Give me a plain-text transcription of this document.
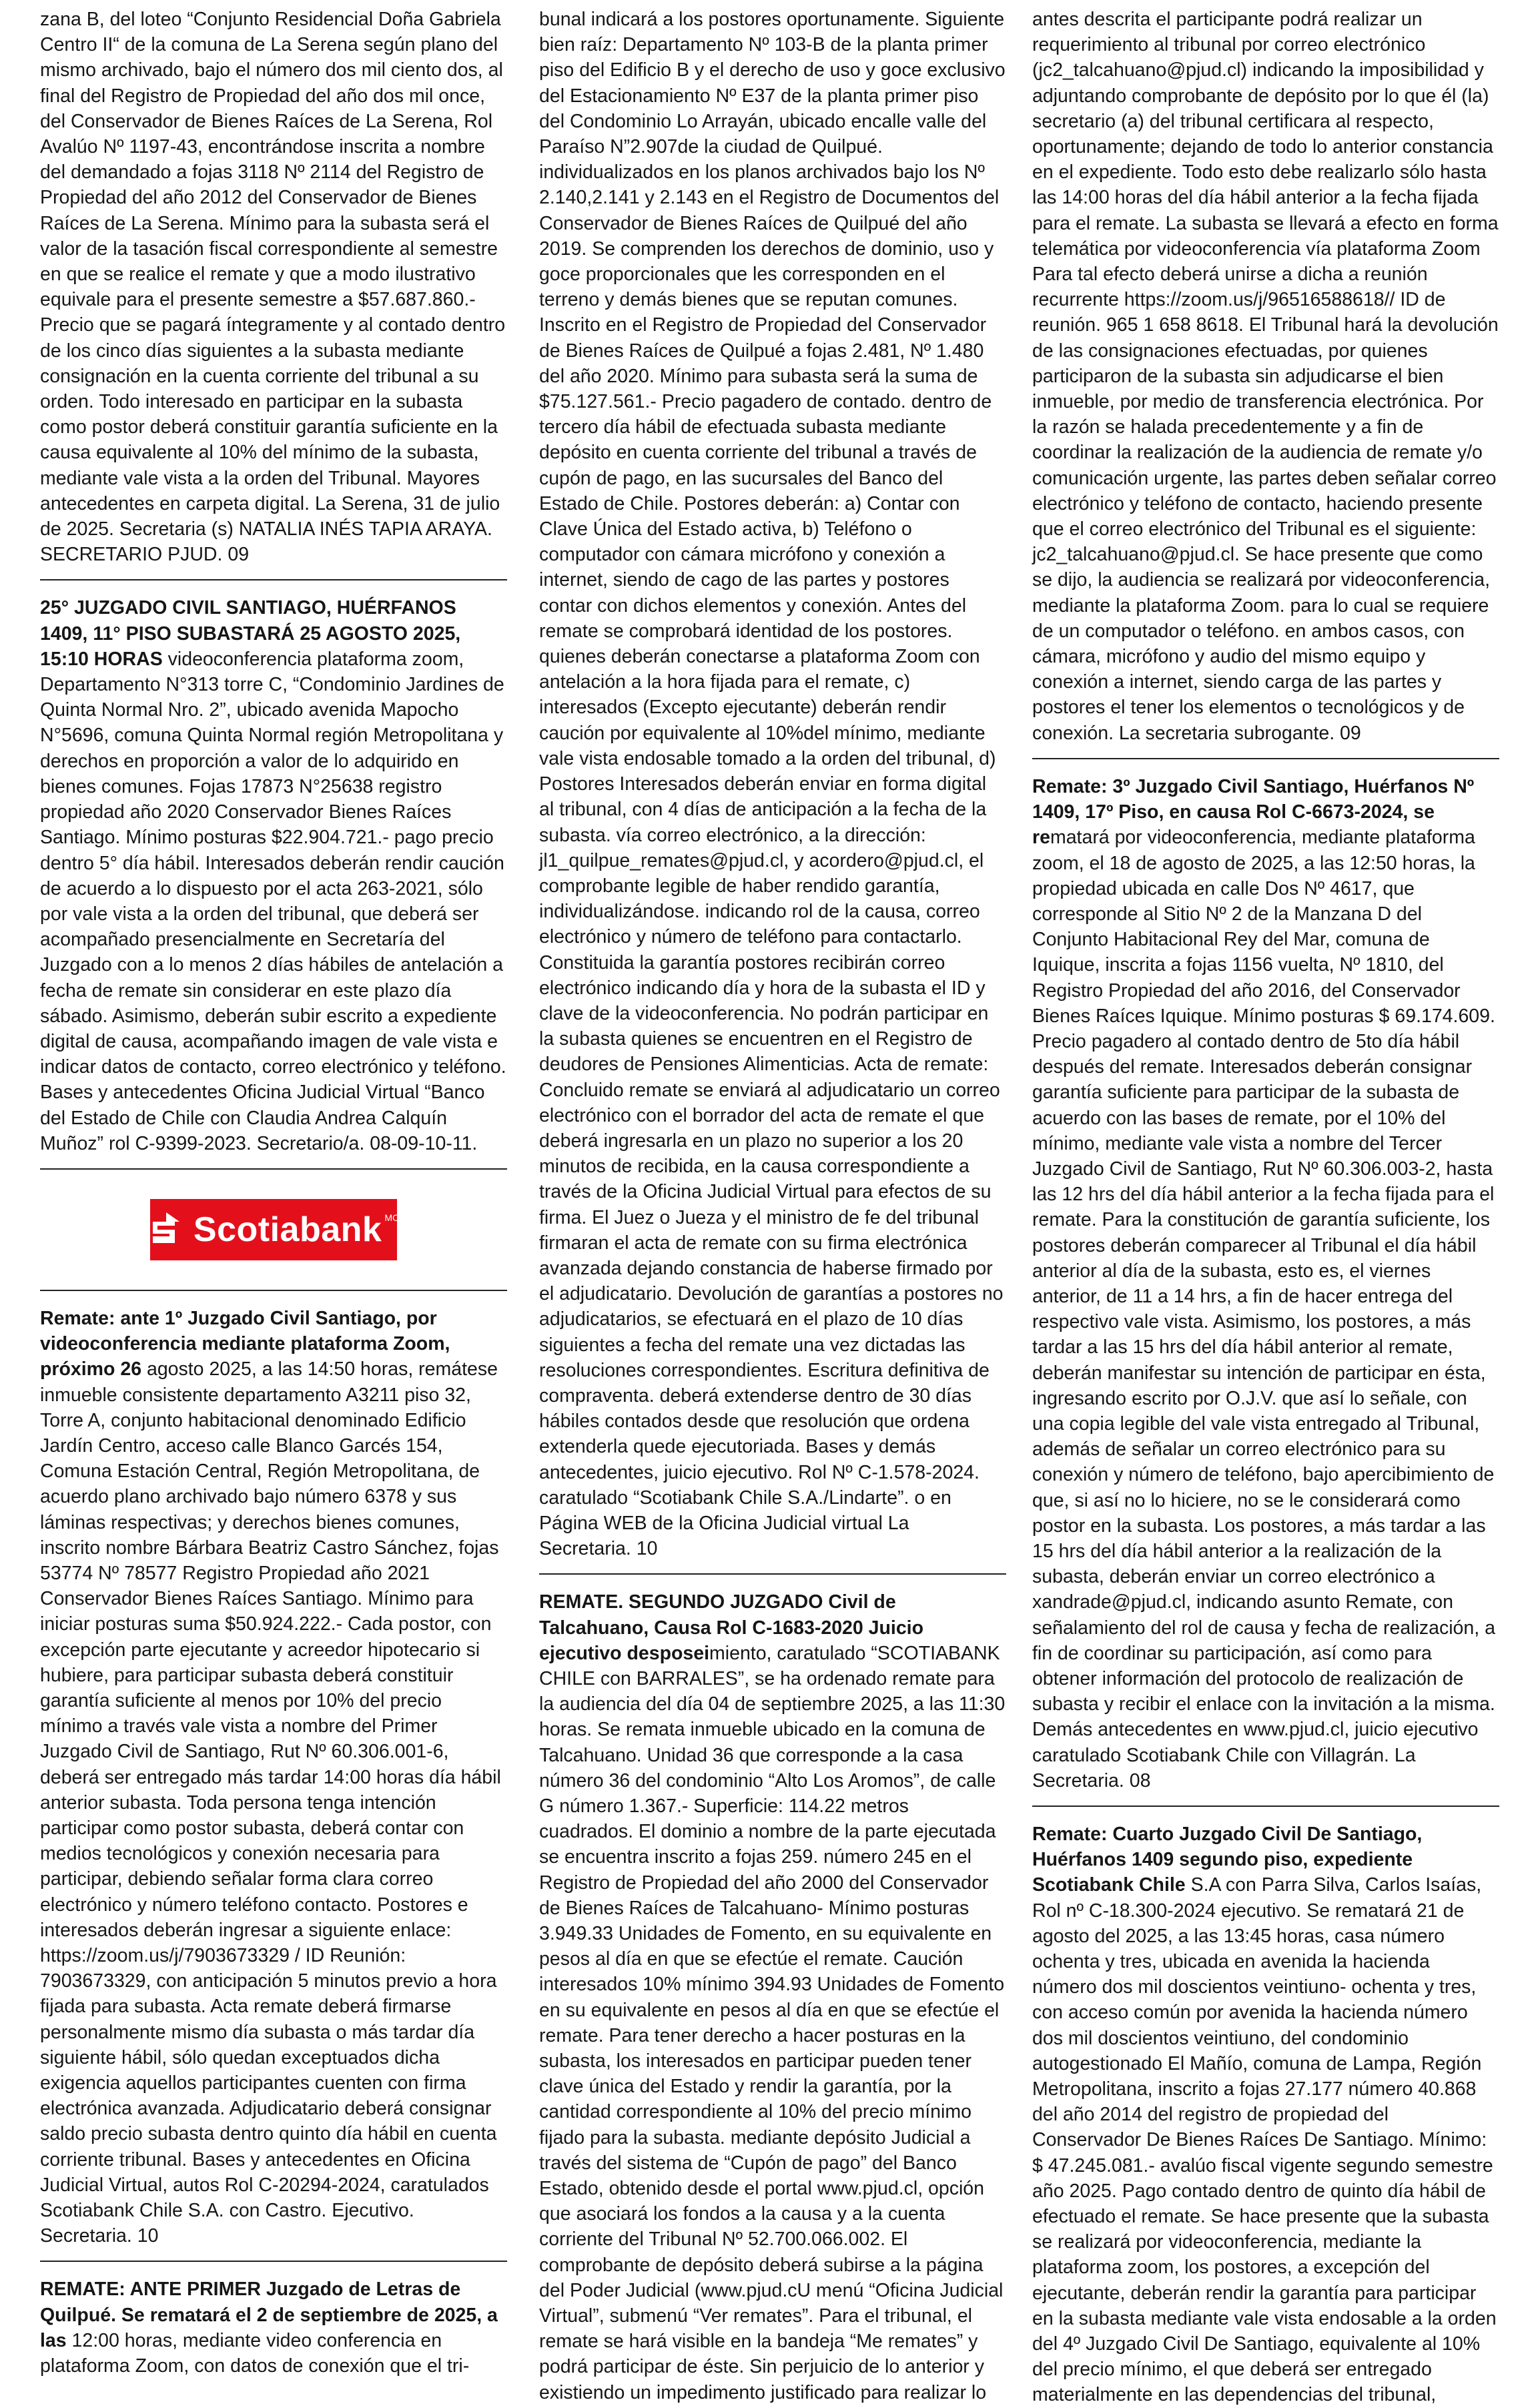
zana B, del loteo “Conjunto Residencial Doña Gabriela Centro II“ de la comuna de La Serena según plano del mismo archivado, bajo el número dos mil ciento dos, al final del Registro de Propiedad del año dos mil once, del Conservador de Bienes Raíces de La Serena, Rol Avalúo Nº 1197-43, encontrándose inscrita a nombre del demandado a fojas 3118 Nº 2114 del Registro de Propiedad del año 2012 del Conservador de Bienes Raíces de La Serena. Mínimo para la subasta será el valor de la tasación fiscal correspondiente al semestre en que se realice el remate y que a modo ilustrativo equivale para el presente semestre a $57.687.860.- Precio que se pagará íntegramente y al contado dentro de los cinco días siguientes a la subasta mediante consignación en la cuenta corriente del tribunal a su orden. Todo interesado en participar en la subasta como postor deberá constituir garantía suficiente en la causa equivalente al 10% del mínimo de la subasta, mediante vale vista a la orden del Tribunal. Mayores antecedentes en carpeta digital. La Serena, 31 de julio de 2025. Secretaria (s) NATALIA INÉS TAPIA ARAYA. SECRETARIO PJUD. 09

25° JUZGADO CIVIL SANTIAGO, HUÉRFANOS 1409, 11° PISO SUBASTARÁ 25 AGOSTO 2025, 15:10 HORAS videoconferencia plataforma zoom, Departamento N°313 torre C, “Condominio Jardines de Quinta Normal Nro. 2”, ubicado avenida Mapocho N°5696, comuna Quinta Normal región Metropolitana y derechos en proporción a valor de lo adquirido en bienes comunes. Fojas 17873 N°25638 registro propiedad año 2020 Conservador Bienes Raíces Santiago. Mínimo posturas $22.904.721.- pago precio dentro 5° día hábil. Interesados deberán rendir caución de acuerdo a lo dispuesto por el acta 263-2021, sólo por vale vista a la orden del tribunal, que deberá ser acompañado presencialmente en Secretaría del Juzgado con a lo menos 2 días hábiles de antelación a fecha de remate sin considerar en este plazo día sábado. Asimismo, deberán subir escrito a expediente digital de causa, acompañando imagen de vale vista e indicar datos de contacto, correo electrónico y teléfono. Bases y antecedentes Oficina Judicial Virtual “Banco del Estado de Chile con Claudia Andrea Calquín Muñoz” rol C-9399-2023. Secretario/a. 08-09-10-11.

Scotiabank MC

Remate: ante 1º Juzgado Civil Santiago, por videoconferencia mediante plataforma Zoom, próximo 26 agosto 2025, a las 14:50 horas, remátese inmueble consistente departamento A3211 piso 32, Torre A, conjunto habitacional denominado Edificio Jardín Centro, acceso calle Blanco Garcés 154, Comuna Estación Central, Región Metropolitana, de acuerdo plano archivado bajo número 6378 y sus láminas respectivas; y derechos bienes comunes, inscrito nombre Bárbara Beatriz Castro Sánchez, fojas 53774 Nº 78577 Registro Propiedad año 2021 Conservador Bienes Raíces Santiago. Mínimo para iniciar posturas suma $50.924.222.- Cada postor, con excepción parte ejecutante y acreedor hipotecario si hubiere, para participar subasta deberá constituir garantía suficiente al menos por 10% del precio mínimo a través vale vista a nombre del Primer Juzgado Civil de Santiago, Rut Nº 60.306.001-6, deberá ser entregado más tardar 14:00 horas día hábil anterior subasta. Toda persona tenga intención participar como postor subasta, deberá contar con medios tecnológicos y conexión necesaria para participar, debiendo señalar forma clara correo electrónico y número teléfono contacto. Postores e interesados deberán ingresar a siguiente enlace: https://zoom.us/j/7903673329 / ID Reunión: 7903673329, con anticipación 5 minutos previo a hora fijada para subasta. Acta remate deberá firmarse personalmente mismo día subasta o más tardar día siguiente hábil, sólo quedan exceptuados dicha exigencia aquellos participantes cuenten con firma electrónica avanzada. Adjudicatario deberá consignar saldo precio subasta dentro quinto día hábil en cuenta corriente tribunal. Bases y antecedentes en Oficina Judicial Virtual, autos Rol C-20294-2024, caratulados Scotiabank Chile S.A. con Castro. Ejecutivo. Secretaria. 10

REMATE: ANTE PRIMER Juzgado de Letras de Quilpué. Se rematará el 2 de septiembre de 2025, a las 12:00 horas, mediante video conferencia en plataforma Zoom, con datos de conexión que el tri-

bunal indicará a los postores oportunamente. Siguiente bien raíz: Departamento Nº 103-B de la planta primer piso del Edificio B y el derecho de uso y goce exclusivo del Estacionamiento Nº E37 de la planta primer piso del Condominio Lo Arrayán, ubicado encalle valle del Paraíso N”2.907de la ciudad de Quilpué. individualizados en los planos archivados bajo los Nº 2.140,2.141 y 2.143 en el Registro de Documentos del Conservador de Bienes Raíces de Quilpué del año 2019. Se comprenden los derechos de dominio, uso y goce proporcionales que les corresponden en el terreno y demás bienes que se reputan comunes. Inscrito en el Registro de Propiedad del Conservador de Bienes Raíces de Quilpué a fojas 2.481, Nº 1.480 del año 2020. Mínimo para subasta será la suma de $75.127.561.- Precio pagadero de contado. dentro de tercero día hábil de efectuada subasta mediante depósito en cuenta corriente del tribunal a través de cupón de pago, en las sucursales del Banco del Estado de Chile. Postores deberán: a) Contar con Clave Única del Estado activa, b) Teléfono o computador con cámara micrófono y conexión a internet, siendo de cago de las partes y postores contar con dichos elementos y conexión. Antes del remate se comprobará identidad de los postores. quienes deberán conectarse a plataforma Zoom con antelación a la hora fijada para el remate, c) interesados (Excepto ejecutante) deberán rendir caución por equivalente al 10%del mínimo, mediante vale vista endosable tomado a la orden del tribunal, d) Postores Interesados deberán enviar en forma digital al tribunal, con 4 días de anticipación a la fecha de la subasta. vía correo electrónico, a la dirección: jl1_quilpue_remates@pjud.cl, y acordero@pjud.cl, el comprobante legible de haber rendido garantía, individualizándose. indicando rol de la causa, correo electrónico y número de teléfono para contactarlo. Constituida la garantía postores recibirán correo electrónico indicando día y hora de la subasta el ID y clave de la videoconferencia. No podrán participar en la subasta quienes se encuentren en el Registro de deudores de Pensiones Alimenticias. Acta de remate: Concluido remate se enviará al adjudicatario un correo electrónico con el borrador del acta de remate el que deberá ingresarla en un plazo no superior a los 20 minutos de recibida, en la causa correspondiente a través de la Oficina Judicial Virtual para efectos de su firma. El Juez o Jueza y el ministro de fe del tribunal firmaran el acta de remate con su firma electrónica avanzada dejando constancia de haberse firmado por el adjudicatario. Devolución de garantías a postores no adjudicatarios, se efectuará en el plazo de 10 días siguientes a fecha del remate una vez dictadas las resoluciones correspondientes. Escritura definitiva de compraventa. deberá extenderse dentro de 30 días hábiles contados desde que resolución que ordena extenderla quede ejecutoriada. Bases y demás antecedentes, juicio ejecutivo. Rol Nº C-1.578-2024. caratulado “Scotiabank Chile S.A./Lindarte”. o en Página WEB de la Oficina Judicial virtual La Secretaria. 10

REMATE. SEGUNDO JUZGADO Civil de Talcahuano, Causa Rol C-1683-2020 Juicio ejecutivo desposeimiento, caratulado “SCOTIABANK CHILE con BARRALES”, se ha ordenado remate para la audiencia del día 04 de septiembre 2025, a las 11:30 horas. Se remata inmueble ubicado en la comuna de Talcahuano. Unidad 36 que corresponde a la casa número 36 del condominio “Alto Los Aromos”, de calle G número 1.367.- Superficie: 114.22 metros cuadrados. El dominio a nombre de la parte ejecutada se encuentra inscrito a fojas 259. número 245 en el Registro de Propiedad del año 2000 del Conservador de Bienes Raíces de Talcahuano- Mínimo posturas 3.949.33 Unidades de Fomento, en su equivalente en pesos al día en que se efectúe el remate. Caución interesados 10% mínimo 394.93 Unidades de Fomento en su equivalente en pesos al día en que se efectúe el remate. Para tener derecho a hacer posturas en la subasta, los interesados en participar pueden tener clave única del Estado y rendir la garantía, por la cantidad correspondiente al 10% del precio mínimo fijado para la subasta. mediante depósito Judicial a través del sistema de “Cupón de pago” del Banco Estado, obtenido desde el portal www.pjud.cl, opción que asociará los fondos a la causa y a la cuenta corriente del Tribunal Nº 52.700.066.002. El comprobante de depósito deberá subirse a la página del Poder Judicial (www.pjud.cU menú “Oficina Judicial Virtual”, submenú “Ver remates”. Para el tribunal, el remate se hará visible en la bandeja “Me remates” y podrá participar de éste. Sin perjuicio de lo anterior y existiendo un impedimento justificado para realizar lo

antes descrita el participante podrá realizar un requerimiento al tribunal por correo electrónico (jc2_talcahuano@pjud.cl) indicando la imposibilidad y adjuntando comprobante de depósito por lo que él (la) secretario (a) del tribunal certificara al respecto, oportunamente; dejando de todo lo anterior constancia en el expediente. Todo esto debe realizarlo sólo hasta las 14:00 horas del día hábil anterior a la fecha fijada para el remate. La subasta se llevará a efecto en forma telemática por videoconferencia vía plataforma Zoom Para tal efecto deberá unirse a dicha a reunión recurrente https://zoom.us/j/96516588618// ID de reunión. 965 1 658 8618. El Tribunal hará la devolución de las consignaciones efectuadas, por quienes participaron de la subasta sin adjudicarse el bien inmueble, por medio de transferencia electrónica. Por la razón se halada precedentemente y a fin de coordinar la realización de la audiencia de remate y/o comunicación urgente, las partes deben señalar correo electrónico y teléfono de contacto, haciendo presente que el correo electrónico del Tribunal es el siguiente: jc2_talcahuano@pjud.cl. Se hace presente que como se dijo, la audiencia se realizará por videoconferencia, mediante la plataforma Zoom. para lo cual se requiere de un computador o teléfono. en ambos casos, con cámara, micrófono y audio del mismo equipo y conexión a internet, siendo carga de las partes y postores el tener los elementos o tecnológicos y de conexión. La secretaria subrogante. 09

Remate: 3º Juzgado Civil Santiago, Huérfanos Nº 1409, 17º Piso, en causa Rol C-6673-2024, se rematará por videoconferencia, mediante plataforma zoom, el 18 de agosto de 2025, a las 12:50 horas, la propiedad ubicada en calle Dos Nº 4617, que corresponde al Sitio Nº 2 de la Manzana D del Conjunto Habitacional Rey del Mar, comuna de Iquique, inscrita a fojas 1156 vuelta, Nº 1810, del Registro Propiedad del año 2016, del Conservador Bienes Raíces Iquique. Mínimo posturas $ 69.174.609. Precio pagadero al contado dentro de 5to día hábil después del remate. Interesados deberán consignar garantía suficiente para participar de la subasta de acuerdo con las bases de remate, por el 10% del mínimo, mediante vale vista a nombre del Tercer Juzgado Civil de Santiago, Rut Nº 60.306.003-2, hasta las 12 hrs del día hábil anterior a la fecha fijada para el remate. Para la constitución de garantía suficiente, los postores deberán comparecer al Tribunal el día hábil anterior al día de la subasta, esto es, el viernes anterior, de 11 a 14 hrs, a fin de hacer entrega del respectivo vale vista. Asimismo, los postores, a más tardar a las 15 hrs del día hábil anterior al remate, deberán manifestar su intención de participar en ésta, ingresando escrito por O.J.V. que así lo señale, con una copia legible del vale vista entregado al Tribunal, además de señalar un correo electrónico para su conexión y número de teléfono, bajo apercibimiento de que, si así no lo hiciere, no se le considerará como postor en la subasta. Los postores, a más tardar a las 15 hrs del día hábil anterior a la realización de la subasta, deberán enviar un correo electrónico a xandrade@pjud.cl, indicando asunto Remate, con señalamiento del rol de causa y fecha de realización, a fin de coordinar su participación, así como para obtener información del protocolo de realización de subasta y recibir el enlace con la invitación a la misma. Demás antecedentes en www.pjud.cl, juicio ejecutivo caratulado Scotiabank Chile con Villagrán. La Secretaria. 08

Remate: Cuarto Juzgado Civil De Santiago, Huérfanos 1409 segundo piso, expediente Scotiabank Chile S.A con Parra Silva, Carlos Isaías, Rol nº C-18.300-2024 ejecutivo. Se rematará 21 de agosto del 2025, a las 13:45 horas, casa número ochenta y tres, ubicada en avenida la hacienda número dos mil doscientos veintiuno- ochenta y tres, con acceso común por avenida la hacienda número dos mil doscientos veintiuno, del condominio autogestionado El Mañío, comuna de Lampa, Región Metropolitana, inscrito a fojas 27.177 número 40.868 del año 2014 del registro de propiedad del Conservador De Bienes Raíces De Santiago. Mínimo: $ 47.245.081.- avalúo fiscal vigente segundo semestre año 2025. Pago contado dentro de quinto día hábil de efectuado el remate. Se hace presente que la subasta se realizará por videoconferencia, mediante la plataforma zoom, los postores, a excepción del ejecutante, deberán rendir la garantía para participar en la subasta mediante vale vista endosable a la orden del 4º Juzgado Civil De Santiago, equivalente al 10% del precio mínimo, el que deberá ser entregado materialmente en las dependencias del tribunal,
